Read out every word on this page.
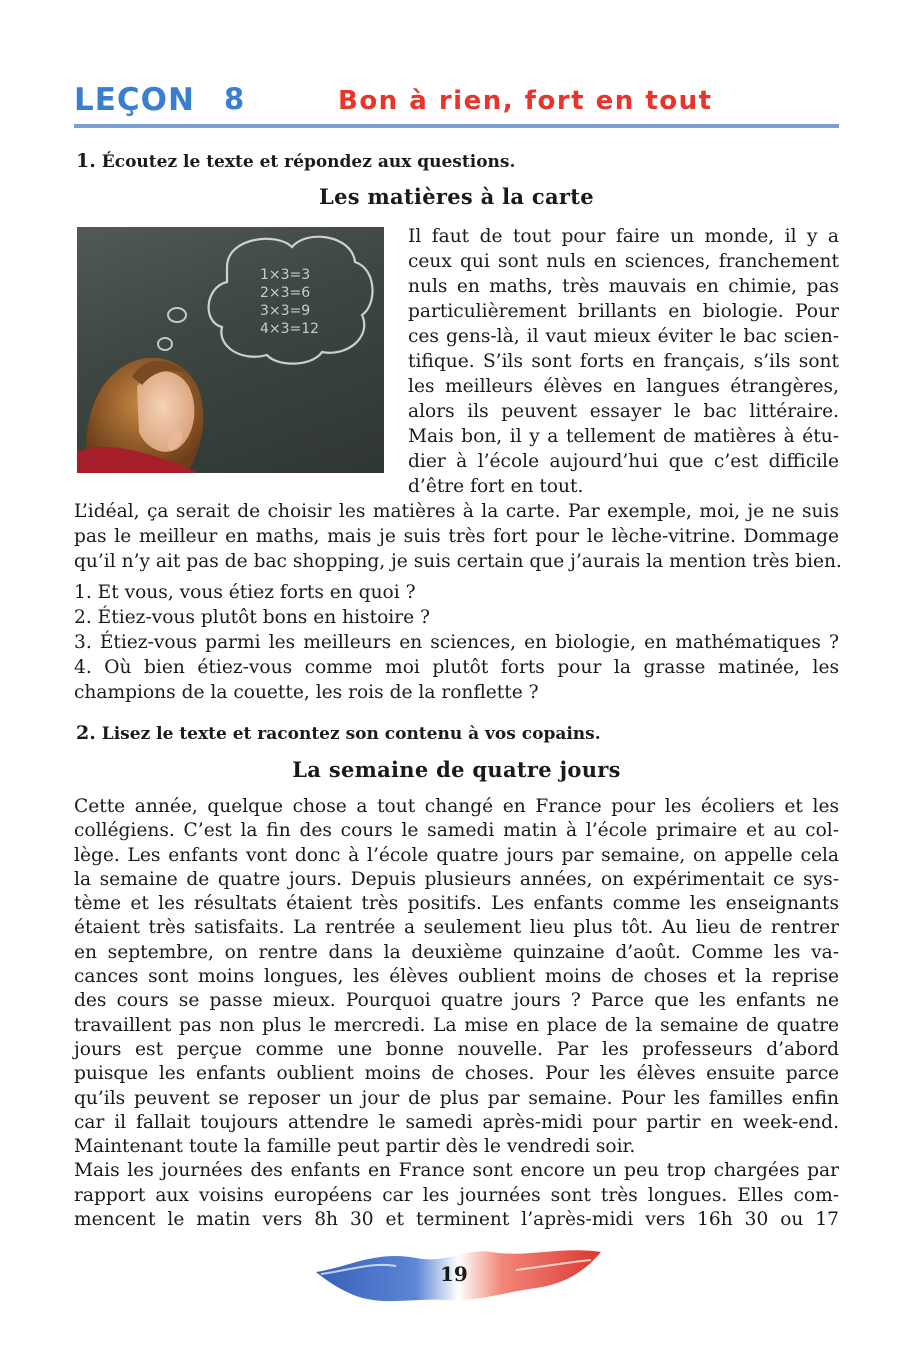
LEÇON 8	Bon à rien, fort en tout
1. Écoutez le texte et répondez aux questions.
Les matières à la carte
1×3=3
2×3=6
3×3=9
4×3=12
Il faut de tout pour faire un monde, il y a
ceux qui sont nuls en sciences, franchement
nuls en maths, très mauvais en chimie, pas
particulièrement brillants en biologie. Pour
ces gens-là, il vaut mieux éviter le bac scien-
tifique. S’ils sont forts en français, s’ils sont
les meilleurs élèves en langues étrangères,
alors ils peuvent essayer le bac littéraire.
Mais bon, il y a tellement de matières à étu-
dier à l’école aujourd’hui que c’est difficile
d’être fort en tout.
L’idéal, ça serait de choisir les matières à la carte. Par exemple, moi, je ne suis
pas le meilleur en maths, mais je suis très fort pour le lèche-vitrine. Dommage
qu’il n’y ait pas de bac shopping, je suis certain que j’aurais la mention très bien.
1. Et vous, vous étiez forts en quoi ?
2. Étiez-vous plutôt bons en histoire ?
3. Étiez-vous parmi les meilleurs en sciences, en biologie, en mathématiques ?
4. Où bien étiez-vous comme moi plutôt forts pour la grasse matinée, les
champions de la couette, les rois de la ronflette ?
2. Lisez le texte et racontez son contenu à vos copains.
La semaine de quatre jours
Cette année, quelque chose a tout changé en France pour les écoliers et les
collégiens. C’est la fin des cours le samedi matin à l’école primaire et au col-
lège. Les enfants vont donc à l’école quatre jours par semaine, on appelle cela
la semaine de quatre jours. Depuis plusieurs années, on expérimentait ce sys-
tème et les résultats étaient très positifs. Les enfants comme les enseignants
étaient très satisfaits. La rentrée a seulement lieu plus tôt. Au lieu de rentrer
en septembre, on rentre dans la deuxième quinzaine d’août. Comme les va-
cances sont moins longues, les élèves oublient moins de choses et la reprise
des cours se passe mieux. Pourquoi quatre jours ? Parce que les enfants ne
travaillent pas non plus le mercredi. La mise en place de la semaine de quatre
jours est perçue comme une bonne nouvelle. Par les professeurs d’abord
puisque les enfants oublient moins de choses. Pour les élèves ensuite parce
qu’ils peuvent se reposer un jour de plus par semaine. Pour les familles enfin
car il fallait toujours attendre le samedi après-midi pour partir en week-end.
Maintenant toute la famille peut partir dès le vendredi soir.
Mais les journées des enfants en France sont encore un peu trop chargées par
rapport aux voisins européens car les journées sont très longues. Elles com-
mencent le matin vers 8h 30 et terminent l’après-midi vers 16h 30 ou 17
19
